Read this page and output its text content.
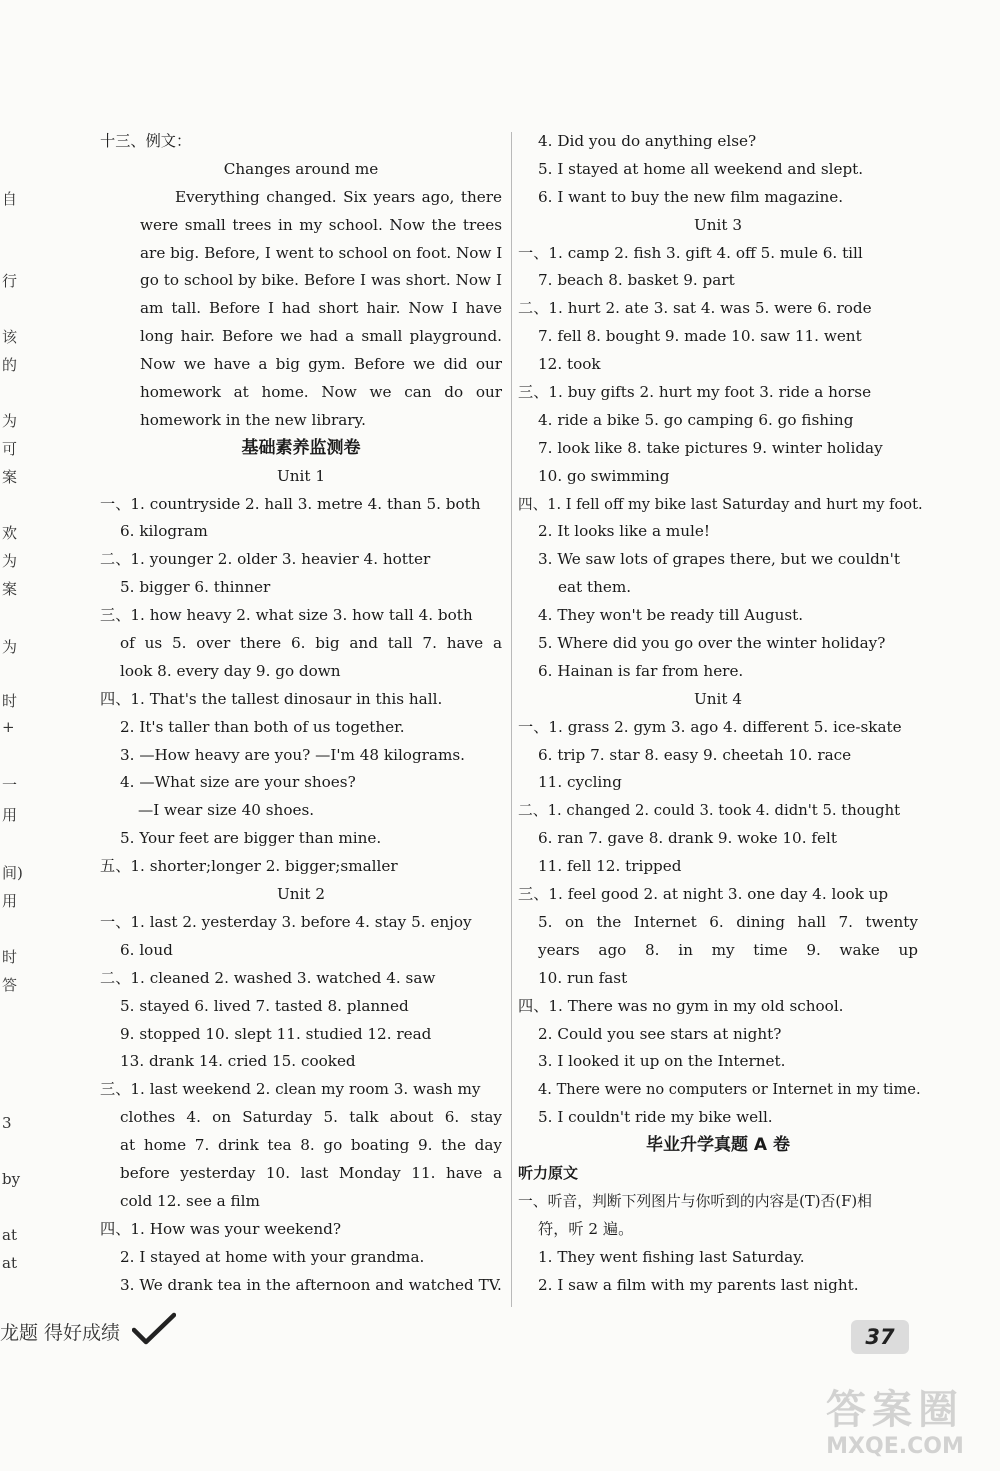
自
行
该
的
为
可
案
欢
为
案
为
时
+
一
用
间)
用
时
答
3
by
at
at
十三、例文：
Changes around me
Everything changed. Six years ago, there
were small trees in my school. Now the trees
are big. Before, I went to school on foot. Now I
go to school by bike. Before I was short. Now I
am tall. Before I had short hair. Now I have
long hair. Before we had a small playground.
Now we have a big gym. Before we did our
homework at home. Now we can do our
homework in the new library.
基础素养监测卷
Unit 1
一、1. countryside 2. hall 3. metre 4. than 5. both
6. kilogram
二、1. younger 2. older 3. heavier 4. hotter
5. bigger 6. thinner
三、1. how heavy 2. what size 3. how tall 4. both
of us 5. over there 6. big and tall 7. have a
look 8. every day 9. go down
四、1. That's the tallest dinosaur in this hall.
2. It's taller than both of us together.
3. —How heavy are you? —I'm 48 kilograms.
4. —What size are your shoes?
—I wear size 40 shoes.
5. Your feet are bigger than mine.
五、1. shorter;longer 2. bigger;smaller
Unit 2
一、1. last 2. yesterday 3. before 4. stay 5. enjoy
6. loud
二、1. cleaned 2. washed 3. watched 4. saw
5. stayed 6. lived 7. tasted 8. planned
9. stopped 10. slept 11. studied 12. read
13. drank 14. cried 15. cooked
三、1. last weekend 2. clean my room 3. wash my
clothes 4. on Saturday 5. talk about 6. stay
at home 7. drink tea 8. go boating 9. the day
before yesterday 10. last Monday 11. have a
cold 12. see a film
四、1. How was your weekend?
2. I stayed at home with your grandma.
3. We drank tea in the afternoon and watched TV.
4. Did you do anything else?
5. I stayed at home all weekend and slept.
6. I want to buy the new film magazine.
Unit 3
一、1. camp 2. fish 3. gift 4. off 5. mule 6. till
7. beach 8. basket 9. part
二、1. hurt 2. ate 3. sat 4. was 5. were 6. rode
7. fell 8. bought 9. made 10. saw 11. went
12. took
三、1. buy gifts 2. hurt my foot 3. ride a horse
4. ride a bike 5. go camping 6. go fishing
7. look like 8. take pictures 9. winter holiday
10. go swimming
四、1. I fell off my bike last Saturday and hurt my foot.
2. It looks like a mule!
3. We saw lots of grapes there, but we couldn't
eat them.
4. They won't be ready till August.
5. Where did you go over the winter holiday?
6. Hainan is far from here.
Unit 4
一、1. grass 2. gym 3. ago 4. different 5. ice-skate
6. trip 7. star 8. easy 9. cheetah 10. race
11. cycling
二、1. changed 2. could 3. took 4. didn't 5. thought
6. ran 7. gave 8. drank 9. woke 10. felt
11. fell 12. tripped
三、1. feel good 2. at night 3. one day 4. look up
5. on the Internet 6. dining hall 7. twenty
years ago 8. in my time 9. wake up
10. run fast
四、1. There was no gym in my old school.
2. Could you see stars at night?
3. I looked it up on the Internet.
4. There were no computers or Internet in my time.
5. I couldn't ride my bike well.
毕业升学真题 A 卷
听力原文
一、听音，判断下列图片与你听到的内容是(T)否(F)相
符，听 2 遍。
1. They went fishing last Saturday.
2. I saw a film with my parents last night.
龙题 得好成绩	37
答案圈
MXQE.COM
